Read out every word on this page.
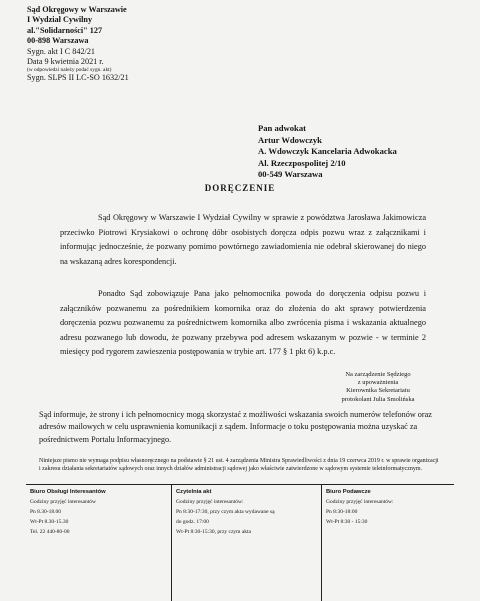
Sąd Okręgowy w Warszawie
I Wydział Cywilny
al."Solidarności" 127
00-898 Warszawa
Sygn. akt I C 842/21
Data 9 kwietnia 2021 r.
(w odpowiedzi należy podać sygn. akt)
Sygn. SLPS II LC-SO 1632/21
Pan adwokat
Artur Wdowczyk
A. Wdowczyk Kancelaria Adwokacka
Al. Rzeczpospolitej 2/10
00-549 Warszawa
DORĘCZENIE
Sąd Okręgowy w Warszawie I Wydział Cywilny w sprawie z powództwa Jarosława Jakimowicza przeciwko Piotrowi Krysiakowi o ochronę dóbr osobistych doręcza odpis pozwu wraz z załącznikami i informując jednocześnie, że pozwany pomimo powtórnego zawiadomienia nie odebrał skierowanej do niego na wskazaną adres korespondencji.
Ponadto Sąd zobowiązuje Pana jako pełnomocnika powoda do doręczenia odpisu pozwu i załączników pozwanemu za pośrednikiem komornika oraz do złożenia do akt sprawy potwierdzenia doręczenia pozwu pozwanemu za pośrednictwem komornika albo zwrócenia pisma i wskazania aktualnego adresu pozwanego lub dowodu, że pozwany przebywa pod adresem wskazanym w pozwie - w terminie 2 miesięcy pod rygorem zawieszenia postępowania w trybie art. 177 § 1 pkt 6) k.p.c.
Na zarządzenie Sędziego
z upoważnienia
Kierownika Sekretariatu
protokolant Julia Smolińska
Sąd informuje, że strony i ich pełnomocnicy mogą skorzystać z możliwości wskazania swoich numerów telefonów oraz adresów mailowych w celu usprawnienia komunikacji z sądem. Informacje o toku postępowania można uzyskać za pośrednictwem Portalu Informacyjnego.
Niniejsze pismo nie wymaga podpisu własnoręcznego na podstawie § 21 ust. 4 zarządzenia Ministra Sprawiedliwości z dnia 19 czerwca 2019 r. w sprawie organizacji i zakresu działania sekretariatów sądowych oraz innych działów administracji sądowej jako właściwie zatwierdzone w sądowym systemie teleinformatycznym.
Biuro Obsługi Interesantów
Godziny przyjęć interesantów
Pn 8.30-18.00
Wt-Pt 8.30-15.30
Tel. 22 440-80-00
Czytelnia akt
Godziny przyjęć interesantów:
Pn 8:30-17:30, przy czym akta wydawane są
do godz. 17:00
Wt-Pt 8:30-15:30, przy czym akta
Biuro Podawcze
Godziny przyjęć interesantów:
Pn 8:30-18:00
Wt-Pt 8:30 - 15:30
